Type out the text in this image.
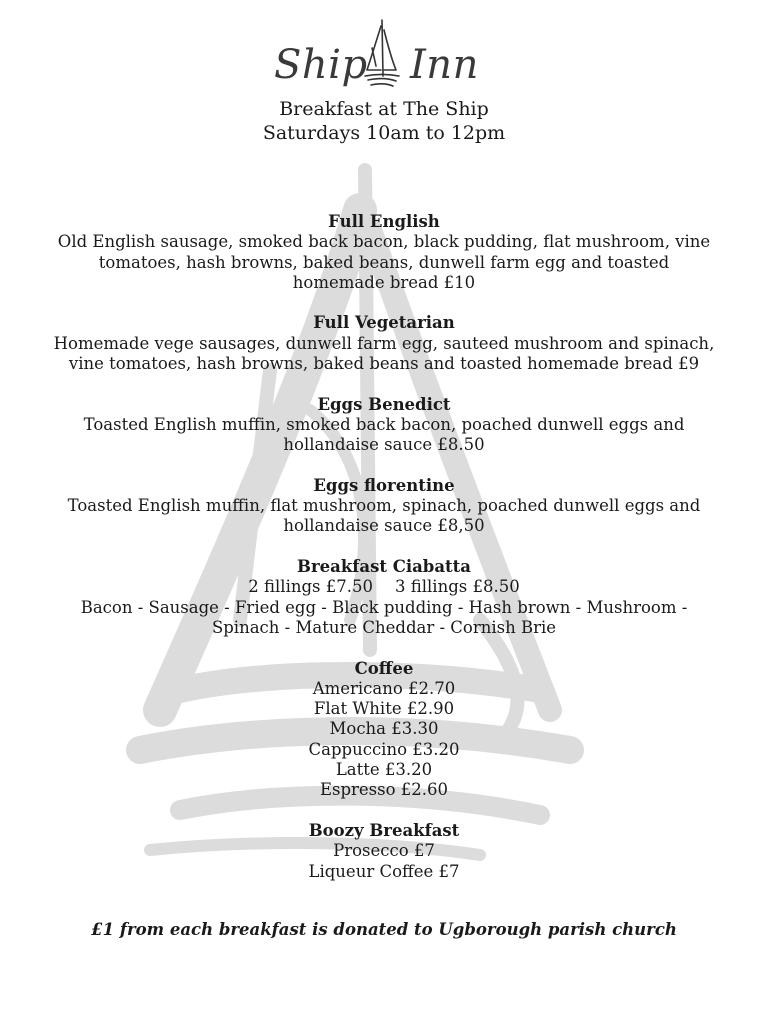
Ship Inn
Breakfast at The Ship
Saturdays 10am to 12pm
Full English
Old English sausage, smoked back bacon, black pudding, flat mushroom, vine
tomatoes, hash browns, baked beans, dunwell farm egg and toasted
homemade bread £10
Full Vegetarian
Homemade vege sausages, dunwell farm egg, sauteed mushroom and spinach,
vine tomatoes, hash browns, baked beans and toasted homemade bread £9
Eggs Benedict
Toasted English muffin, smoked back bacon, poached dunwell eggs and
hollandaise sauce £8.50
Eggs florentine
Toasted English muffin, flat mushroom, spinach, poached dunwell eggs and
hollandaise sauce £8,50
Breakfast Ciabatta
2 fillings £7.50 3 fillings £8.50
Bacon - Sausage - Fried egg - Black pudding - Hash brown - Mushroom -
Spinach - Mature Cheddar - Cornish Brie
Coffee
Americano £2.70
Flat White £2.90
Mocha £3.30
Cappuccino £3.20
Latte £3.20
Espresso £2.60
Boozy Breakfast
Prosecco £7
Liqueur Coffee £7
£1 from each breakfast is donated to Ugborough parish church
